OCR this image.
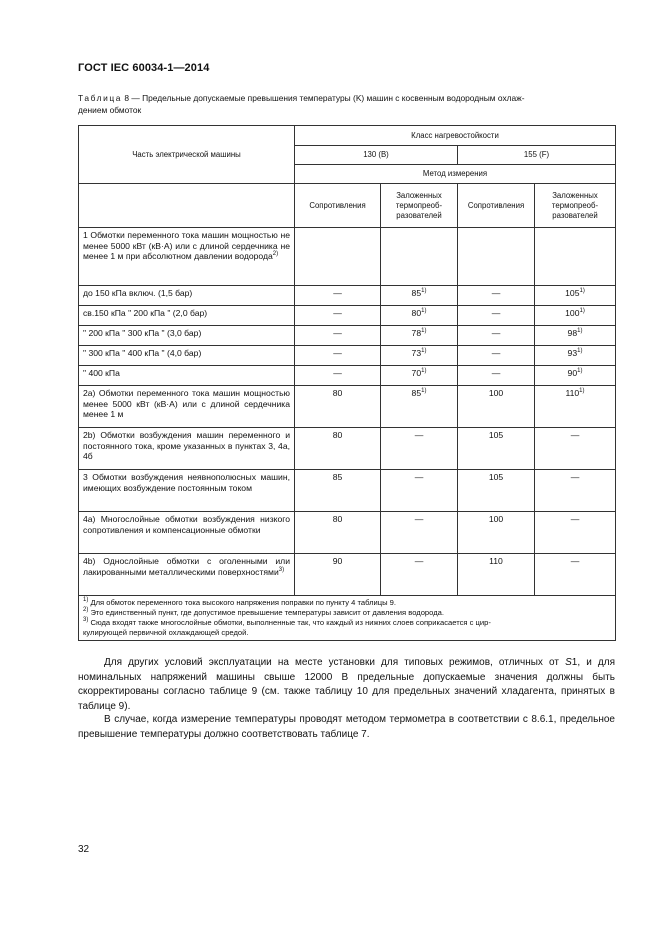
ГОСТ IEC 60034-1—2014
Таблица 8 — Предельные допускаемые превышения температуры (K) машин с косвенным водородным охлаж-
дением обмоток
Часть электрической машины	Класс нагревостойкости			
	130 (B)		155 (F)	
	Метод измерения			
	Сопротивления	Заложенных термопреоб-разователей	Сопротивления	Заложенных термопреоб-разователей
1 Обмотки переменного тока машин мощностью не менее 5000 кВт (кВ·A) или с длиной сердечника не менее 1 м при абсолютном давлении водорода$^{2)}$				
до 150 кПа включ. (1,5 бар)	—	85$^{1)}$	—	105$^{1)}$
св.150 кПа " 200 кПа " (2,0 бар)	—	80$^{1)}$	—	100$^{1)}$
" 200 кПа " 300 кПа " (3,0 бар)	—	78$^{1)}$	—	98$^{1)}$
" 300 кПа " 400 кПа " (4,0 бар)	—	73$^{1)}$	—	93$^{1)}$
" 400 кПа	—	70$^{1)}$	—	90$^{1)}$
2a) Обмотки переменного тока машин мощностью менее 5000 кВт (кВ·A) или с длиной сердечника менее 1 м	80	85$^{1)}$	100	110$^{1)}$
2b) Обмотки возбуждения машин переменного и постоянного тока, кроме указанных в пунктах 3, 4a, 4б	80	—	105	—
3 Обмотки возбуждения неявнополюсных машин, имеющих возбуждение постоянным током	85	—	105	—
4a) Многослойные обмотки возбуждения низкого сопротивления и компенсационные обмотки	80	—	100	—
4b) Однослойные обмотки с оголенными или лакированными металлическими поверхностями$^{3)}$	90	—	110	—

$^{1)}$ Для обмоток переменного тока высокого напряжения поправки по пункту 4 таблицы 9.
$^{2)}$ Это единственный пункт, где допустимое превышение температуры зависит от давления водорода.
$^{3)}$ Сюда входят также многослойные обмотки, выполненные так, что каждый из нижних слоев соприкасается с цир-
кулирующей первичной охлаждающей средой.				
Для других условий эксплуатации на месте установки для типовых режимов, отличных от S1, и для номинальных напряжений машины свыше 12000 В предельные допускаемые значения должны быть скорректированы согласно таблице 9 (см. также таблицу 10 для предельных значений хладагента, принятых в таблице 9).
В случае, когда измерение температуры проводят методом термометра в соответствии с 8.6.1, предельное превышение температуры должно соответствовать таблице 7.
32
